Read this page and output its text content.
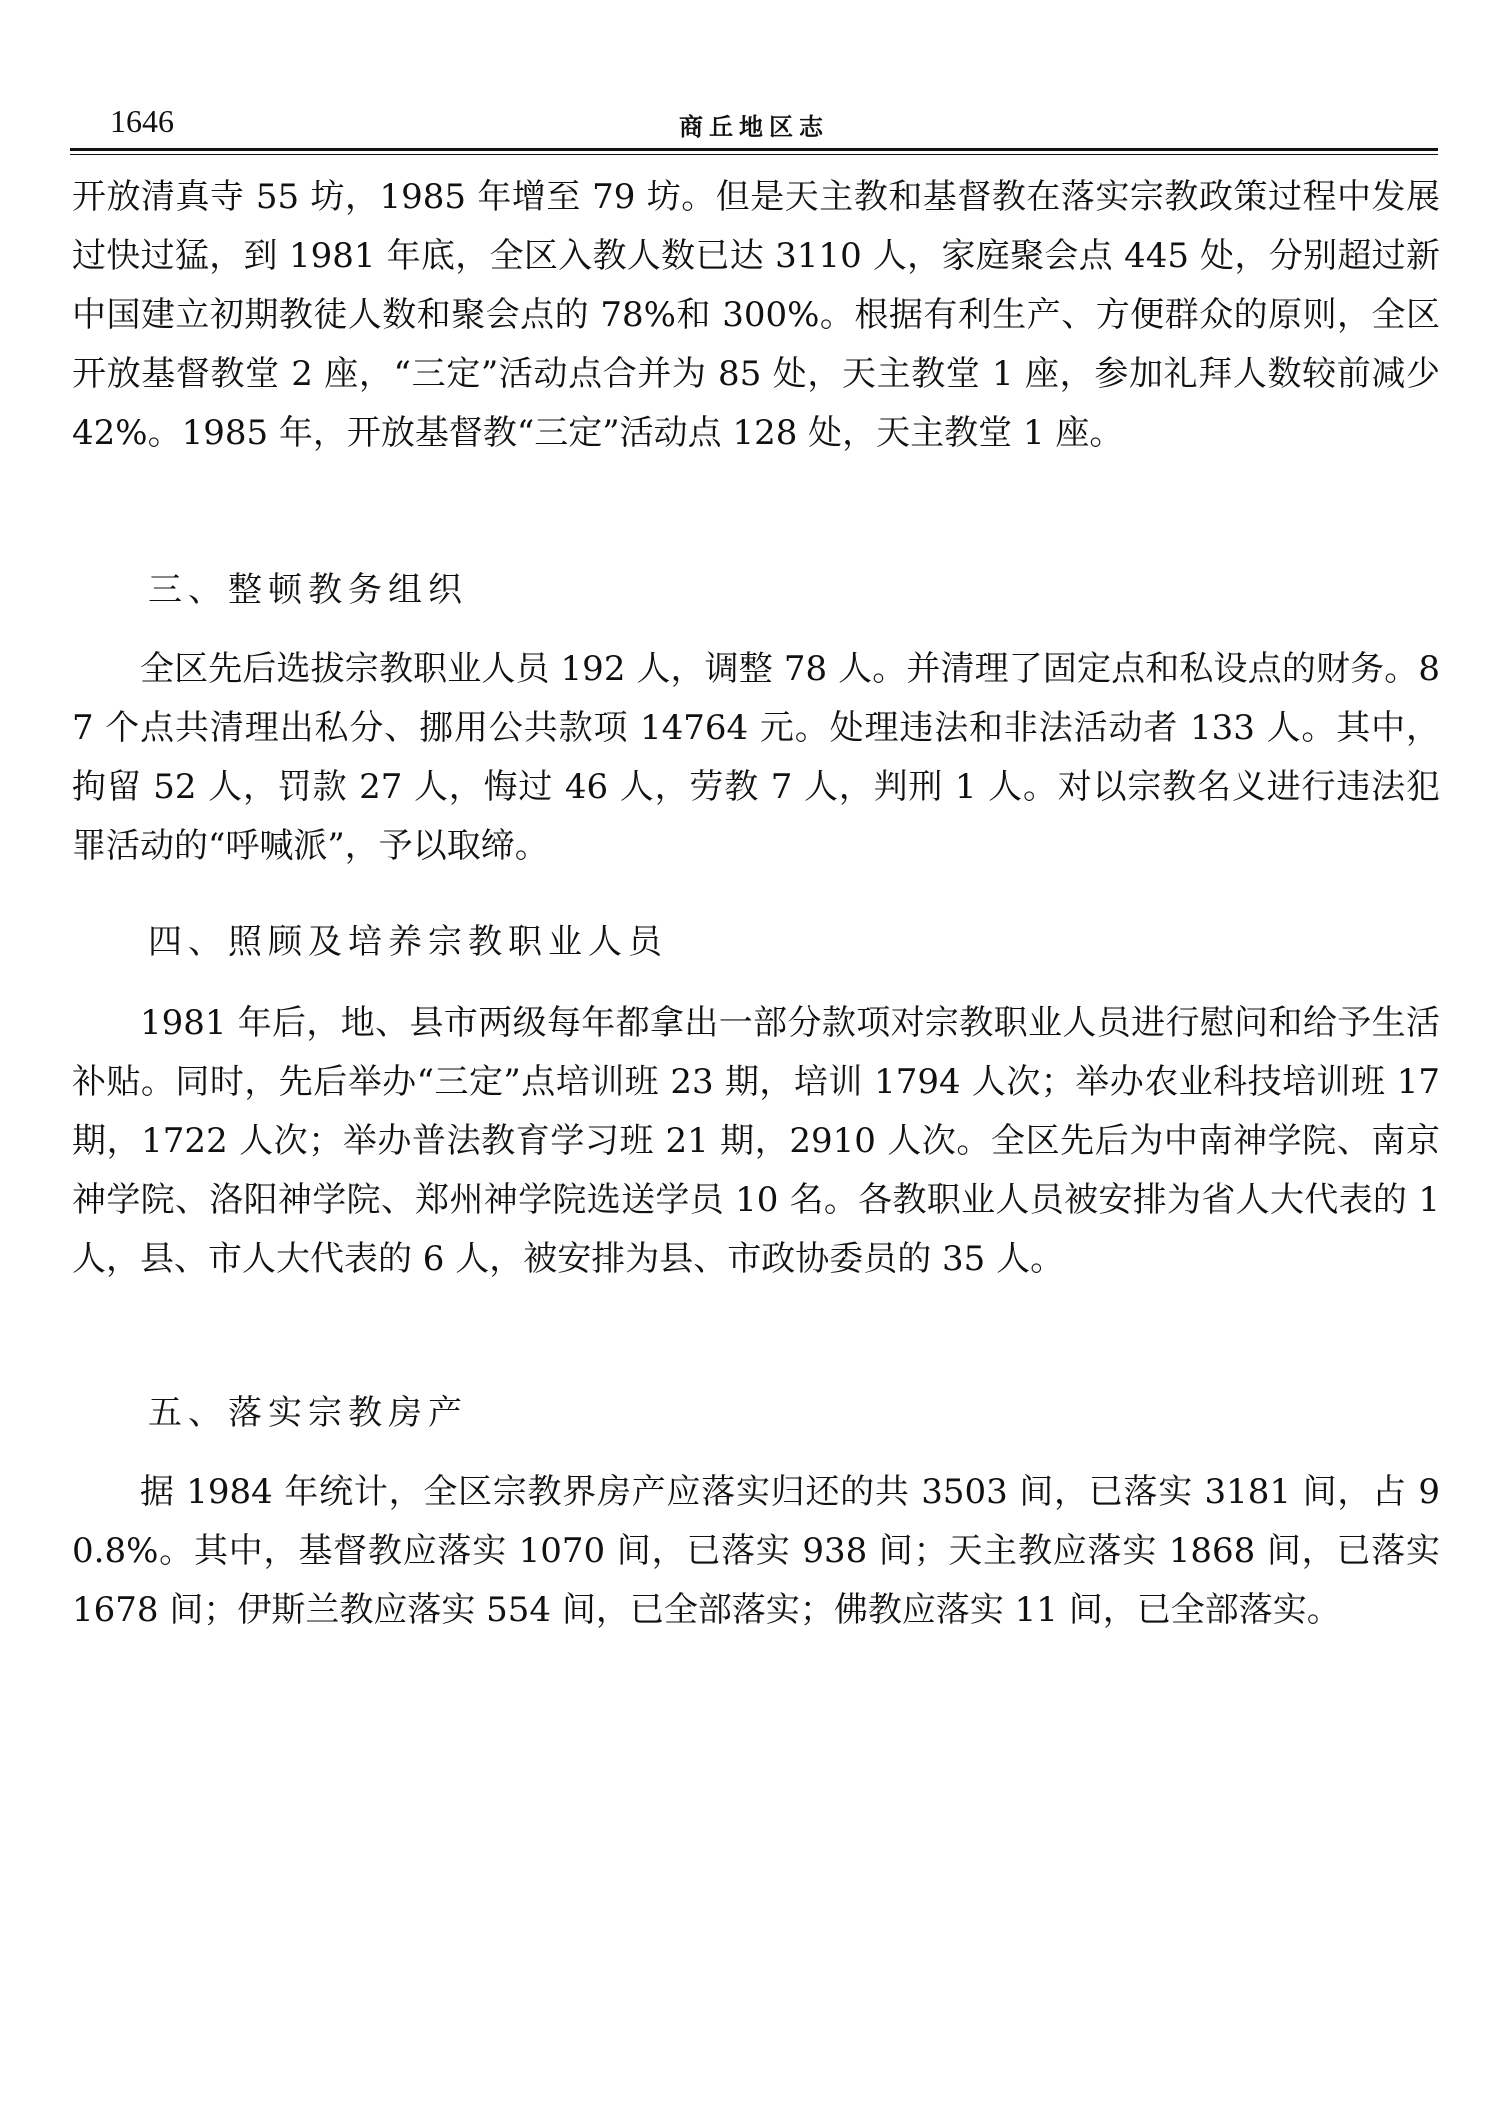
1646	商丘地区志

开放清真寺 55 坊，1985 年增至 79 坊。但是天主教和基督教在落实宗教政策过程中发展过快过猛，到 1981 年底，全区入教人数已达 3110 人，家庭聚会点 445 处，分别超过新中国建立初期教徒人数和聚会点的 78%和 300%。根据有利生产、方便群众的原则，全区开放基督教堂 2 座，“三定”活动点合并为 85 处，天主教堂 1 座，参加礼拜人数较前减少 42%。1985 年，开放基督教“三定”活动点 128 处，天主教堂 1 座。

三、整顿教务组织

全区先后选拔宗教职业人员 192 人，调整 78 人。并清理了固定点和私设点的财务。87 个点共清理出私分、挪用公共款项 14764 元。处理违法和非法活动者 133 人。其中，拘留 52 人，罚款 27 人，悔过 46 人，劳教 7 人，判刑 1 人。对以宗教名义进行违法犯罪活动的“呼喊派”，予以取缔。

四、照顾及培养宗教职业人员

1981 年后，地、县市两级每年都拿出一部分款项对宗教职业人员进行慰问和给予生活补贴。同时，先后举办“三定”点培训班 23 期，培训 1794 人次；举办农业科技培训班 17 期，1722 人次；举办普法教育学习班 21 期，2910 人次。全区先后为中南神学院、南京神学院、洛阳神学院、郑州神学院选送学员 10 名。各教职业人员被安排为省人大代表的 1 人，县、市人大代表的 6 人，被安排为县、市政协委员的 35 人。

五、落实宗教房产

据 1984 年统计，全区宗教界房产应落实归还的共 3503 间，已落实 3181 间，占 90.8%。其中，基督教应落实 1070 间，已落实 938 间；天主教应落实 1868 间，已落实 1678 间；伊斯兰教应落实 554 间，已全部落实；佛教应落实 11 间，已全部落实。
